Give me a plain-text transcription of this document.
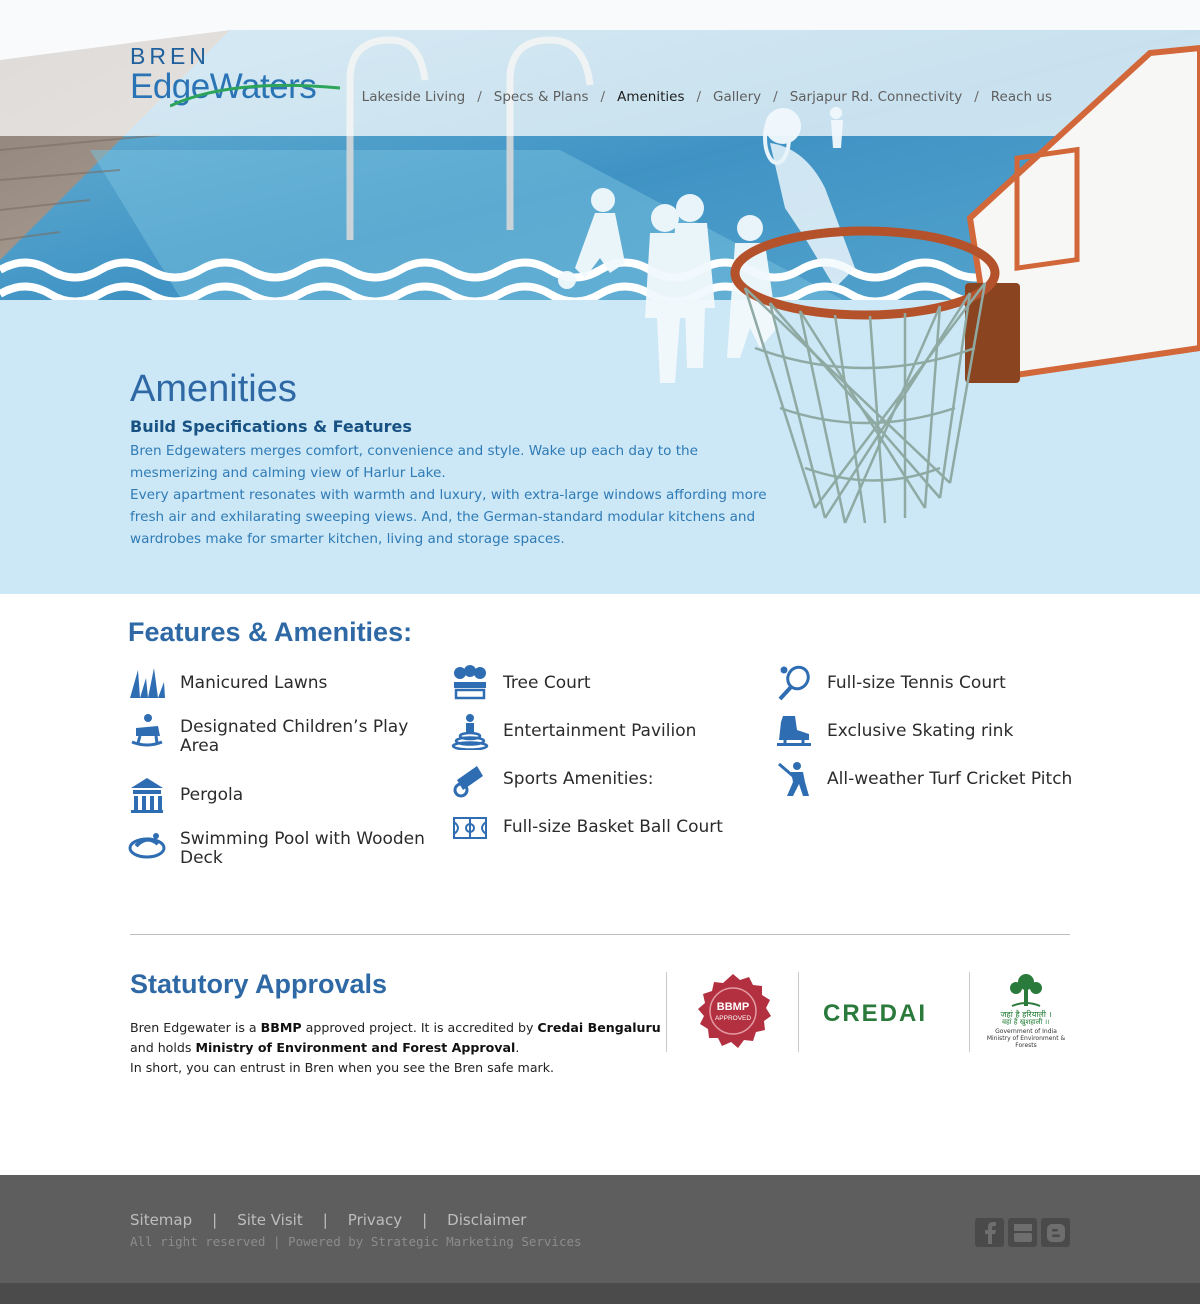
BREN
EdgeWaters	Lakeside Living / Specs & Plans / Amenities / Gallery / Sarjapur Rd. Connectivity / Reach us
Amenities
Build Specifications & Features

Bren Edgewaters merges comfort, convenience and style. Wake up each day to the mesmerizing and calming view of Harlur Lake.

Every apartment resonates with warmth and luxury, with extra-large windows affording more fresh air and exhilarating sweeping views. And, the German-standard modular kitchens and wardrobes make for smarter kitchen, living and storage spaces.

Features & Amenities:
Manicured Lawns
Designated Children’s Play Area
Pergola
Swimming Pool with Wooden Deck
Tree Court
Entertainment Pavilion
Sports Amenities:
Full-size Basket Ball Court
Full-size Tennis Court
Exclusive Skating rink
All-weather Turf Cricket Pitch
Statutory Approvals
Bren Edgewater is a BBMP approved project. It is accredited by Credai Bengaluru
and holds Ministry of Environment and Forest Approval.
In short, you can entrust in Bren when you see the Bren safe mark.
BBMP
APPROVED	CREDAI	जहां है हरियाली ।
वहां है खुशहाली ।।
Government of India
Ministry of Environment & Forests
Sitemap | Site Visit | Privacy | Disclaimer
All right reserved | Powered by Strategic Marketing Services
